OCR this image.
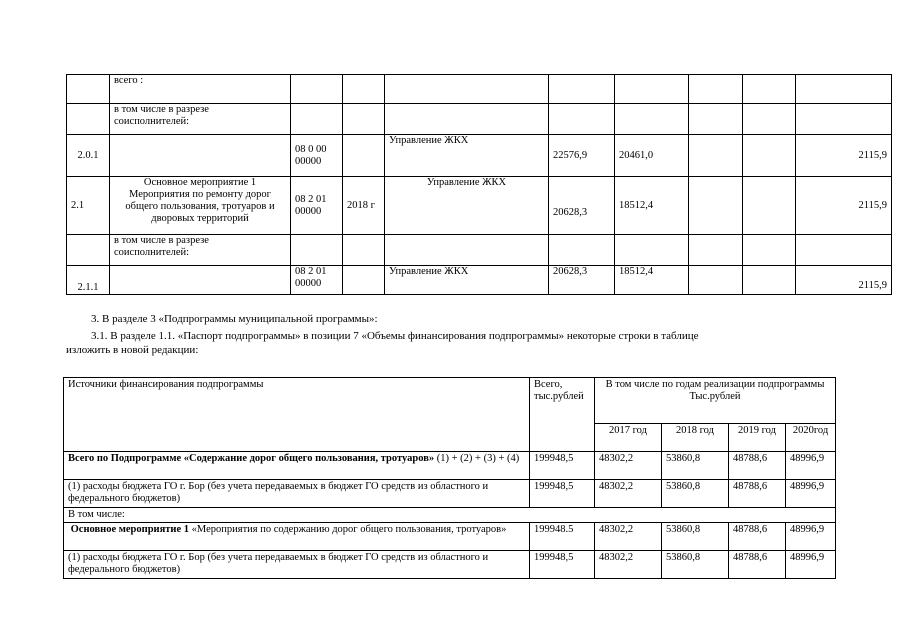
	всего :								
	в том числе в разрезе соисполнителей:								
2.0.1		08 0 00 00000		Управление ЖКХ	22576,9	20461,0			2115,9
2.1	Основное мероприятие 1 Мероприятия по ремонту дорог общего пользования, тротуаров и дворовых территорий	08 2 01 00000	2018 г	Управление ЖКХ	20628,3	18512,4			2115,9
	в том числе в разрезе соисполнителей:								
2.1.1		08 2 01 00000		Управление ЖКХ	20628,3	18512,4			2115,9
3. В разделе 3 «Подпрограммы муниципальной программы»:
3.1. В разделе 1.1. «Паспорт подпрограммы» в позиции 7 «Объемы финансирования подпрограммы» некоторые строки в таблице
изложить в новой редакции:
Источники финансирования подпрограммы	Всего, тыс.рублей	В том числе по годам реализации подпрограммы
Тыс.рублей			

		2017 год	2018 год	2019 год	2020год
Всего по Подпрограмме «Содержание дорог общего пользования, тротуаров» (1) + (2) + (3) + (4)	199948,5	48302,2	53860,8	48788,6	48996,9
(1) расходы бюджета ГО г. Бор (без учета передаваемых в бюджет ГО средств из областного и федерального бюджетов)	199948,5	48302,2	53860,8	48788,6	48996,9
В том числе:					
Основное мероприятие 1 «Мероприятия по содержанию дорог общего пользования, тротуаров»	199948.5	48302,2	53860,8	48788,6	48996,9
(1) расходы бюджета ГО г. Бор (без учета передаваемых в бюджет ГО средств из областного и федерального бюджетов)	199948,5	48302,2	53860,8	48788,6	48996,9
